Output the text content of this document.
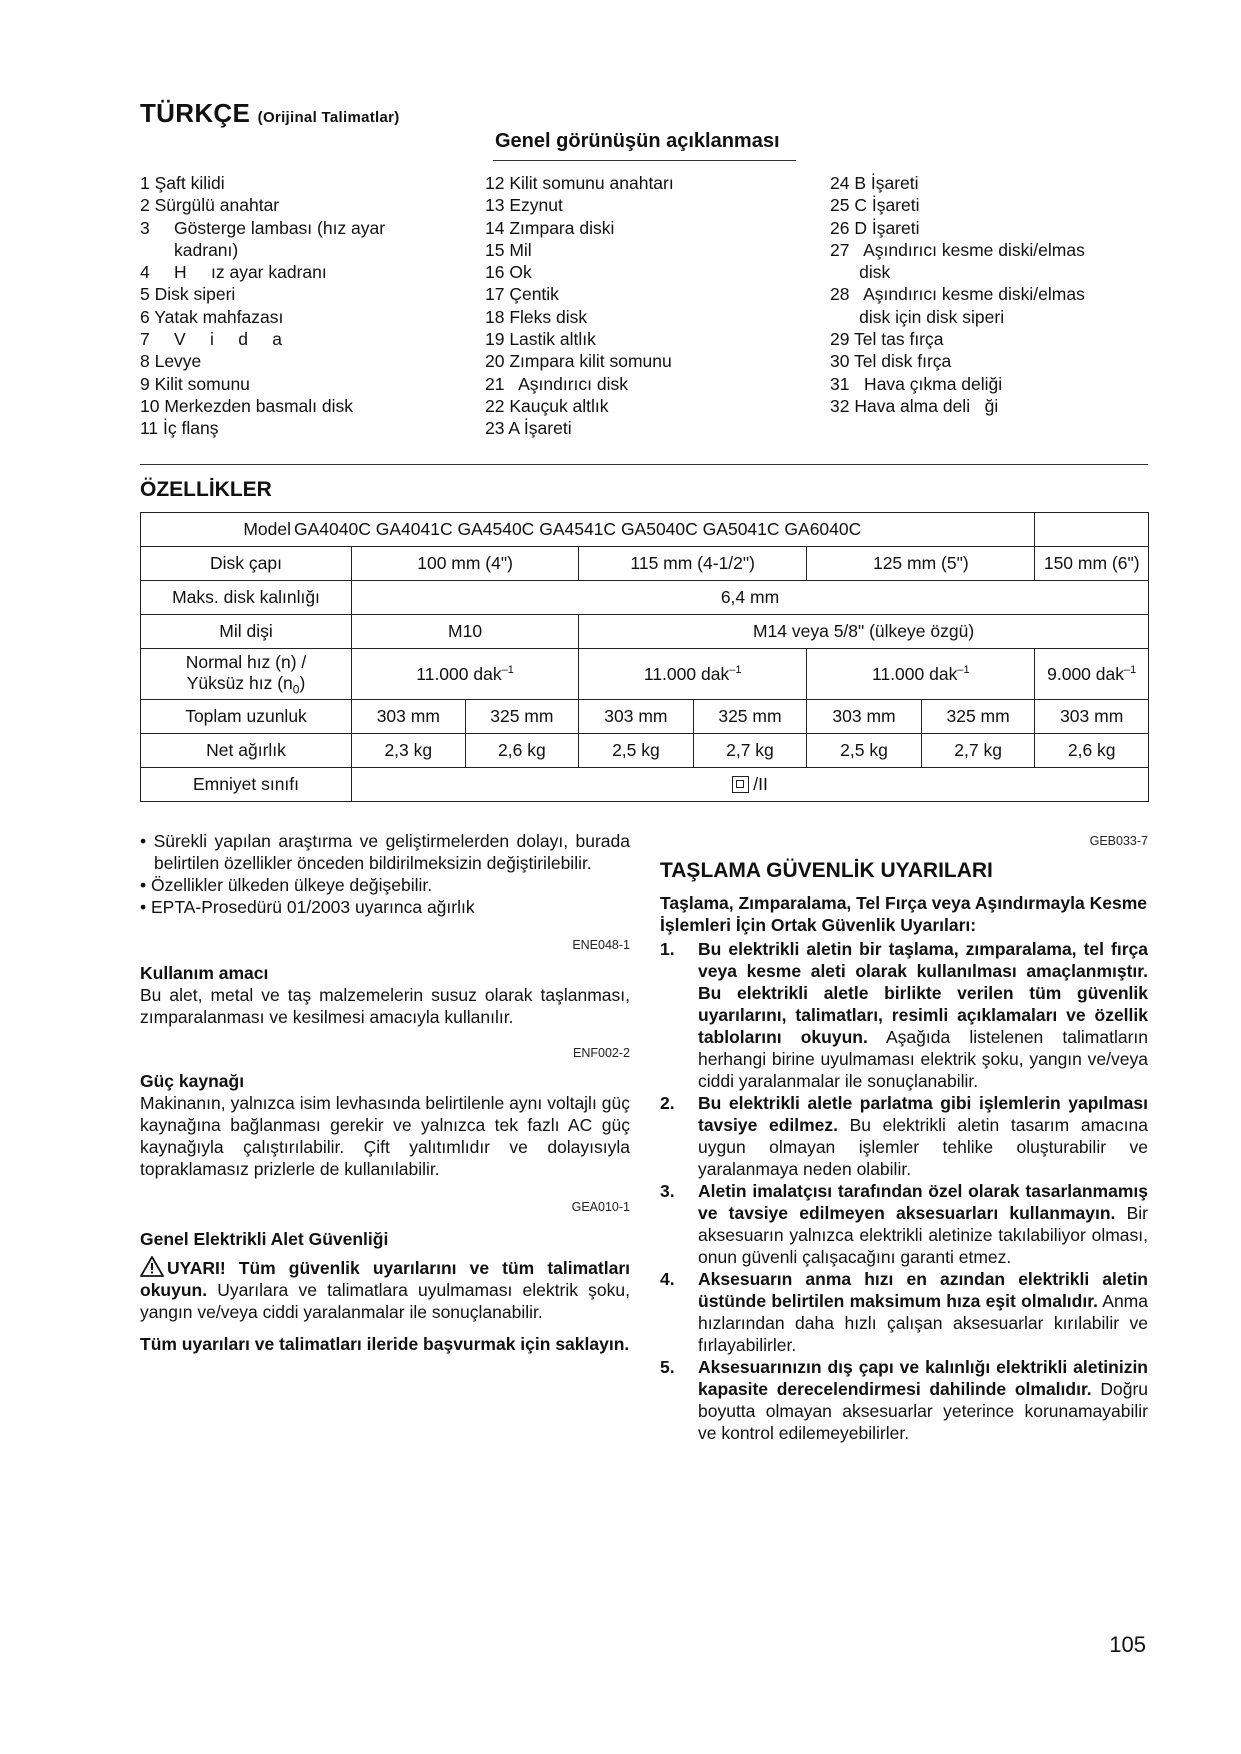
TÜRKÇE (Orijinal Talimatlar)
Genel görünüşün açıklanması
1 Şaft kilidi
2 Sürgülü anahtar
3     Gösterge lambası (hız ayar
kadranı)
4     H     ız ayar kadranı
5 Disk siperi
6 Yatak mahfazası
7     V     i     d     a
8 Levye
9 Kilit somunu
10 Merkezden basmalı disk
11 İç flanş
12 Kilit somunu anahtarı
13 Ezynut
14 Zımpara diski
15 Mil
16 Ok
17 Çentik
18 Fleks disk
19 Lastik altlık
20 Zımpara kilit somunu
21   Aşındırıcı disk
22 Kauçuk altlık
23 A İşareti
24 B İşareti
25 C İşareti
26 D İşareti
27   Aşındırıcı kesme diski/elmas
disk
28   Aşındırıcı kesme diski/elmas
disk için disk siperi
29 Tel tas fırça
30 Tel disk fırça
31   Hava çıkma deliği
32 Hava alma deli   ği
ÖZELLİKLER
Model GA4040C GA4041C GA4540C GA4541C GA5040C GA5041C GA6040C							
Disk çapı	100 mm (4")		115 mm (4-1/2")		125 mm (5")		150 mm (6")
Maks. disk kalınlığı	6,4 mm						
Mil dişi	M10		M14 veya 5/8" (ülkeye özgü)				

Normal hız (n) /
Yüksüz hız $(n_0)$	11.000 dak$^{-1}$		11.000 dak$^{-1}$		11.000 dak$^{-1}$		9.000 dak$^{-1}$
Toplam uzunluk	303 mm	325 mm	303 mm	325 mm	303 mm	325 mm	303 mm
Net ağırlık	2,3 kg	2,6 kg	2,5 kg	2,7 kg	2,5 kg	2,7 kg	2,6 kg
Emniyet sınıfı	/II						
• Sürekli yapılan araştırma ve geliştirmelerden dolayı, burada belirtilen özellikler önceden bildirilmeksizin değiştirilebilir.
• Özellikler ülkeden ülkeye değişebilir.
• EPTA-Prosedürü 01/2003 uyarınca ağırlık
ENE048-1
Kullanım amacı
Bu alet, metal ve taş malzemelerin susuz olarak taşlanması, zımparalanması ve kesilmesi amacıyla kullanılır.
ENF002-2
Güç kaynağı
Makinanın, yalnızca isim levhasında belirtilenle aynı voltajlı güç kaynağına bağlanması gerekir ve yalnızca tek fazlı AC güç kaynağıyla çalıştırılabilir. Çift yalıtımlıdır ve dolayısıyla topraklamasız prizlerle de kullanılabilir.
GEA010-1
Genel Elektrikli Alet Güvenliği
UYARI! Tüm güvenlik uyarılarını ve tüm talimatları okuyun. Uyarılara ve talimatlara uyulmaması elektrik şoku, yangın ve/veya ciddi yaralanmalar ile sonuçlanabilir.
Tüm uyarıları ve talimatları ileride başvurmak için saklayın.
GEB033-7
TAŞLAMA GÜVENLİK UYARILARI
Taşlama, Zımparalama, Tel Fırça veya Aşındırmayla Kesme İşlemleri İçin Ortak Güvenlik Uyarıları:
1. Bu elektrikli aletin bir taşlama, zımparalama, tel fırça veya kesme aleti olarak kullanılması amaçlanmıştır. Bu elektrikli aletle birlikte verilen tüm güvenlik uyarılarını, talimatları, resimli açıklamaları ve özellik tablolarını okuyun. Aşağıda listelenen talimatların herhangi birine uyulmaması elektrik şoku, yangın ve/veya ciddi yaralanmalar ile sonuçlanabilir.
2. Bu elektrikli aletle parlatma gibi işlemlerin yapılması tavsiye edilmez. Bu elektrikli aletin tasarım amacına uygun olmayan işlemler tehlike oluşturabilir ve yaralanmaya neden olabilir.
3. Aletin imalatçısı tarafından özel olarak tasarlanmamış ve tavsiye edilmeyen aksesuarları kullanmayın. Bir aksesuarın yalnızca elektrikli aletinize takılabiliyor olması, onun güvenli çalışacağını garanti etmez.
4. Aksesuarın anma hızı en azından elektrikli aletin üstünde belirtilen maksimum hıza eşit olmalıdır. Anma hızlarından daha hızlı çalışan aksesuarlar kırılabilir ve fırlayabilirler.
5. Aksesuarınızın dış çapı ve kalınlığı elektrikli aletinizin kapasite derecelendirmesi dahilinde olmalıdır. Doğru boyutta olmayan aksesuarlar yeterince korunamayabilir ve kontrol edilemeyebilirler.
105
